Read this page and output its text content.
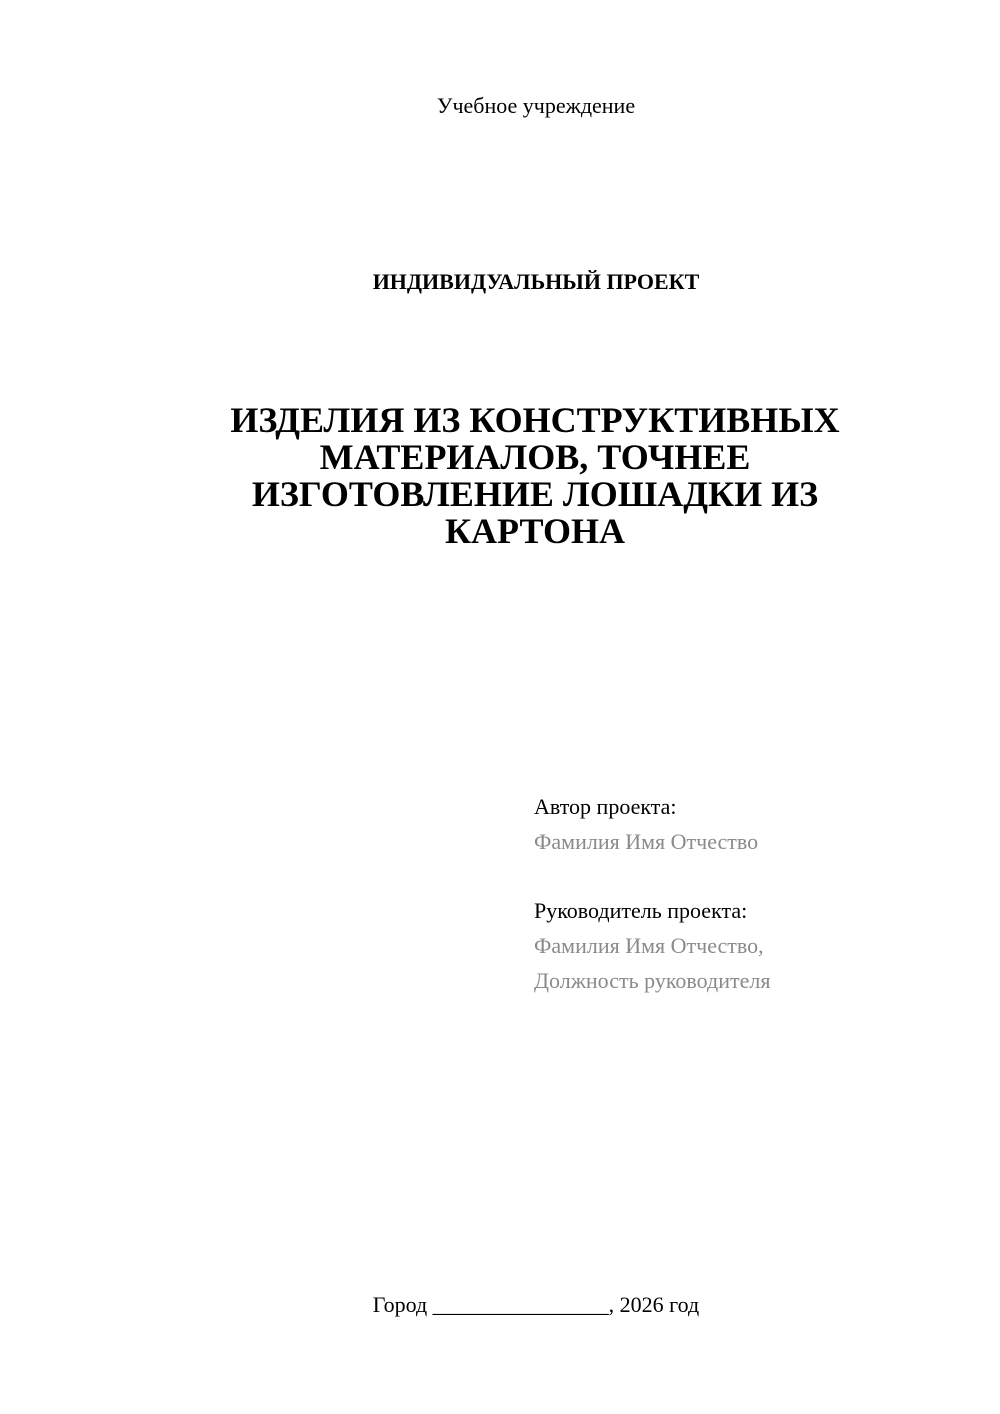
Учебное учреждение
ИНДИВИДУАЛЬНЫЙ ПРОЕКТ
ИЗДЕЛИЯ ИЗ КОНСТРУКТИВНЫХ
МАТЕРИАЛОВ, ТОЧНЕЕ
ИЗГОТОВЛЕНИЕ ЛОШАДКИ ИЗ
КАРТОНА
Автор проекта:
Фамилия Имя Отчество
Руководитель проекта:
Фамилия Имя Отчество,
Должность руководителя
Город ________________, 2026 год
